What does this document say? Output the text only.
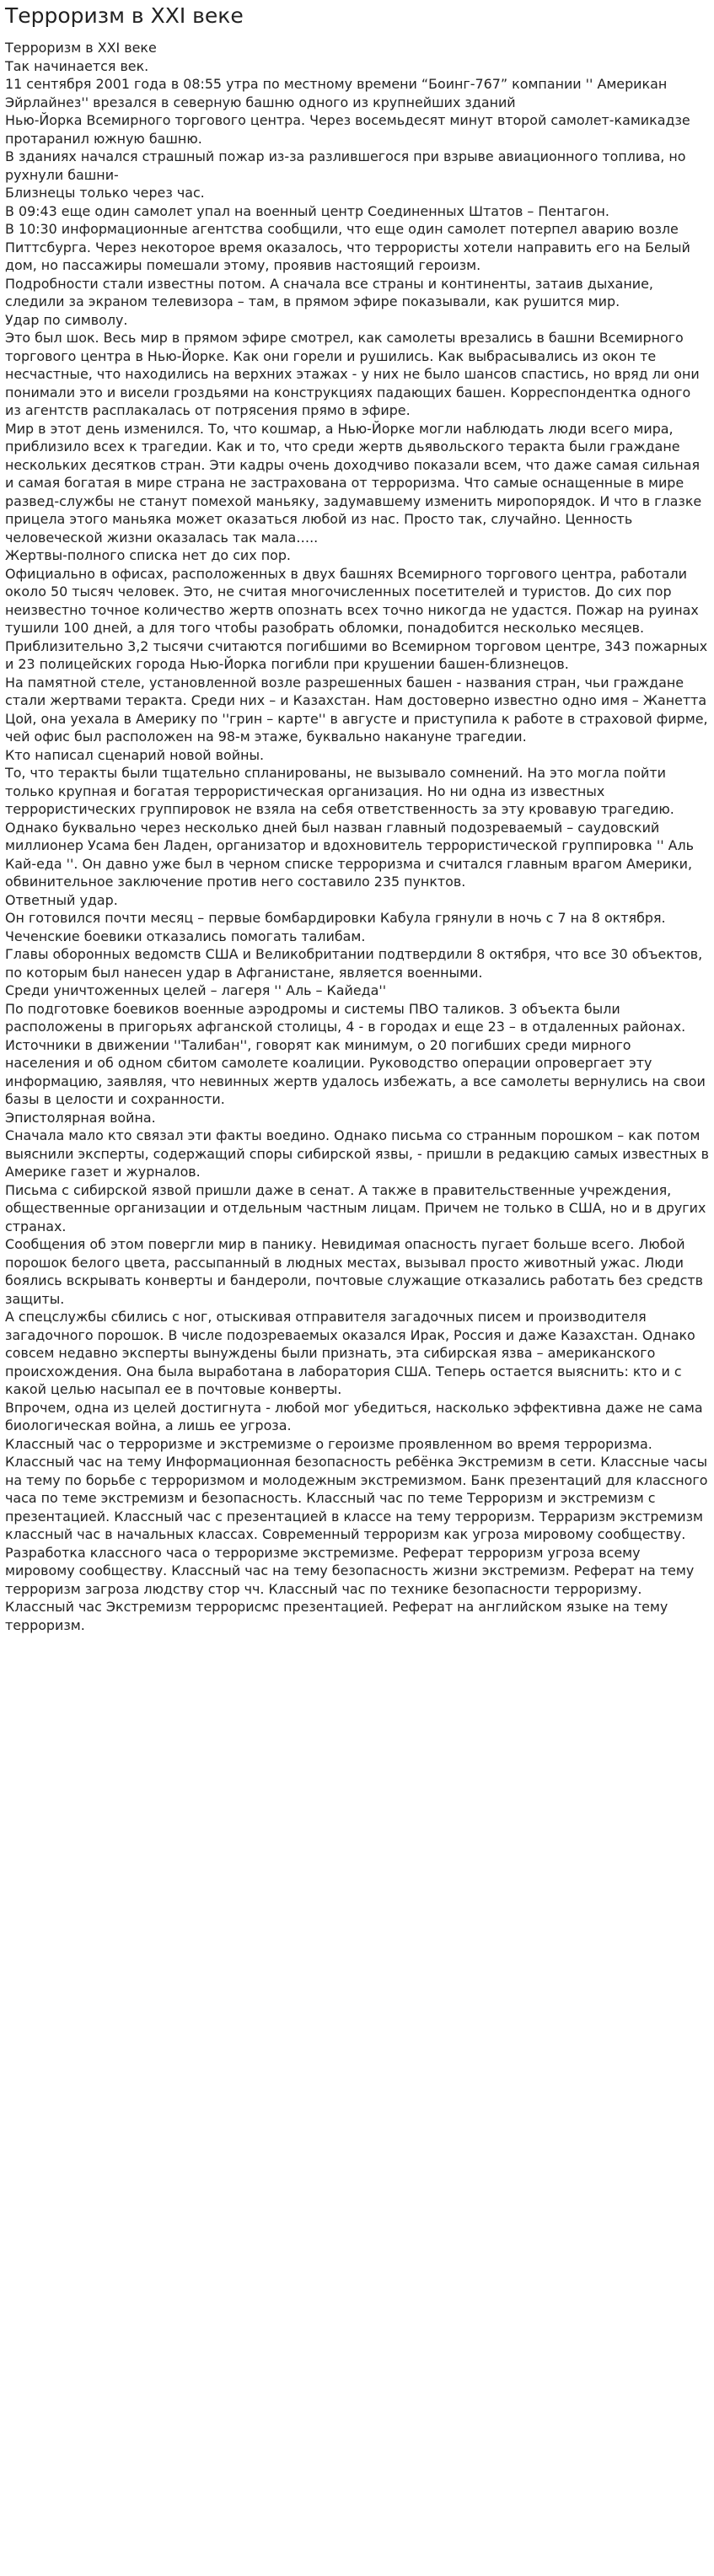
Терроризм в XXI веке

Терроризм в XXI веке

Так начинается век.

11 сентября 2001 года в 08:55 утра по местному времени “Боинг-767” компании '' Американ Эйрлайнез'' врезался в северную башню одного из крупнейших зданий

Нью-Йорка Всемирного торгового центра. Через восемьдесят минут второй самолет-камикадзе протаранил южную башню.

В зданиях начался страшный пожар из-за разлившегося при взрыве авиационного топлива, но рухнули башни-

Близнецы только через час.

В 09:43 еще один самолет упал на военный центр Соединенных Штатов – Пентагон.

В 10:30 информационные агентства сообщили, что еще один самолет потерпел аварию возле Питтсбурга. Через некоторое время оказалось, что террористы хотели направить его на Белый дом, но пассажиры помешали этому, проявив настоящий героизм.

Подробности стали известны потом. А сначала все страны и континенты, затаив дыхание, следили за экраном телевизора – там, в прямом эфире показывали, как рушится мир.

Удар по символу.

Это был шок. Весь мир в прямом эфире смотрел, как самолеты врезались в башни Всемирного торгового центра в Нью-Йорке. Как они горели и рушились. Как выбрасывались из окон те несчастные, что находились на верхних этажах - у них не было шансов спастись, но вряд ли они понимали это и висели гроздьями на конструкциях падающих башен. Корреспондентка одного из агентств расплакалась от потрясения прямо в эфире.

Мир в этот день изменился. То, что кошмар, а Нью-Йорке могли наблюдать люди всего мира, приблизило всех к трагедии. Как и то, что среди жертв дьявольского теракта были граждане нескольких десятков стран. Эти кадры очень доходчиво показали всем, что даже самая сильная и самая богатая в мире страна не застрахована от терроризма. Что самые оснащенные в мире развед-службы не станут помехой маньяку, задумавшему изменить миропорядок. И что в глазке прицела этого маньяка может оказаться любой из нас. Просто так, случайно. Ценность человеческой жизни оказалась так мала…..

Жертвы-полного списка нет до сих пор.

Официально в офисах, расположенных в двух башнях Всемирного торгового центра, работали около 50 тысяч человек. Это, не считая многочисленных посетителей и туристов. До сих пор неизвестно точное количество жертв опознать всех точно никогда не удастся. Пожар на руинах тушили 100 дней, а для того чтобы разобрать обломки, понадобится несколько месяцев. Приблизительно 3,2 тысячи считаются погибшими во Всемирном торговом центре, 343 пожарных и 23 полицейских города Нью-Йорка погибли при крушении башен-близнецов.

На памятной стеле, установленной возле разрешенных башен - названия стран, чьи граждане стали жертвами теракта. Среди них – и Казахстан. Нам достоверно известно одно имя – Жанетта Цой, она уехала в Америку по ''грин – карте'' в августе и приступила к работе в страховой фирме, чей офис был расположен на 98-м этаже, буквально накануне трагедии.

Кто написал сценарий новой войны.

То, что теракты были тщательно спланированы, не вызывало сомнений. На это могла пойти только крупная и богатая террористическая организация. Но ни одна из известных террористических группировок не взяла на себя ответственность за эту кровавую трагедию. Однако буквально через несколько дней был назван главный подозреваемый – саудовский миллионер Усама бен Ладен, организатор и вдохновитель террористической группировка '' Аль Кай-еда ''. Он давно уже был в черном списке терроризма и считался главным врагом Америки, обвинительное заключение против него составило 235 пунктов.

Ответный удар.

Он готовился почти месяц – первые бомбардировки Кабула грянули в ночь с 7 на 8 октября.

Чеченские боевики отказались помогать талибам.

Главы оборонных ведомств США и Великобритании подтвердили 8 октября, что все 30 объектов, по которым был нанесен удар в Афганистане, является военными.

Среди уничтоженных целей – лагеря '' Аль – Кайеда''

По подготовке боевиков военные аэродромы и системы ПВО таликов. 3 объекта были расположены в пригорьях афганской столицы, 4 - в городах и еще 23 – в отдаленных районах.

Источники в движении ''Талибан'', говорят как минимум, о 20 погибших среди мирного населения и об одном сбитом самолете коалиции. Руководство операции опровергает эту информацию, заявляя, что невинных жертв удалось избежать, а все самолеты вернулись на свои базы в целости и сохранности.

Эпистолярная война.

Сначала мало кто связал эти факты воедино. Однако письма со странным порошком – как потом выяснили эксперты, содержащий споры сибирской язвы, - пришли в редакцию самых известных в Америке газет и журналов.

Письма с сибирской язвой пришли даже в сенат. А также в правительственные учреждения, общественные организации и отдельным частным лицам. Причем не только в США, но и в других странах.

Сообщения об этом повергли мир в панику. Невидимая опасность пугает больше всего. Любой порошок белого цвета, рассыпанный в людных местах, вызывал просто животный ужас. Люди боялись вскрывать конверты и бандероли, почтовые служащие отказались работать без средств защиты.

А спецслужбы сбились с ног, отыскивая отправителя загадочных писем и производителя загадочного порошок. В числе подозреваемых оказался Ирак, Россия и даже Казахстан. Однако совсем недавно эксперты вынуждены были признать, эта сибирская язва – американского происхождения. Она была выработана в лаборатория США. Теперь остается выяснить: кто и с какой целью насыпал ее в почтовые конверты.

Впрочем, одна из целей достигнута - любой мог убедиться, насколько эффективна даже не сама биологическая война, а лишь ее угроза.

Классный час о терроризме и экстремизме о героизме проявленном во время терроризма. Классный час на тему Информационная безопасность ребёнка Экстремизм в сети. Классные часы на тему по борьбе с терроризмом и молодежным экстремизмом. Банк презентаций для классного часа по теме экстремизм и безопасность. Классный час по теме Терроризм и экстремизм с презентацией. Классный час с презентацией в классе на тему терроризм. Терраризм экстремизм классный час в начальных классах. Современный терроризм как угроза мировому сообществу. Разработка классного часа о терроризме экстремизме. Реферат терроризм угроза всему мировому сообществу. Классный час на тему безопасность жизни экстремизм. Реферат на тему терроризм загроза людству стор чч. Классный час по технике безопасности терроризму. Классный час Экстремизм террорисмс презентацией. Реферат на английском языке на тему терроризм.
